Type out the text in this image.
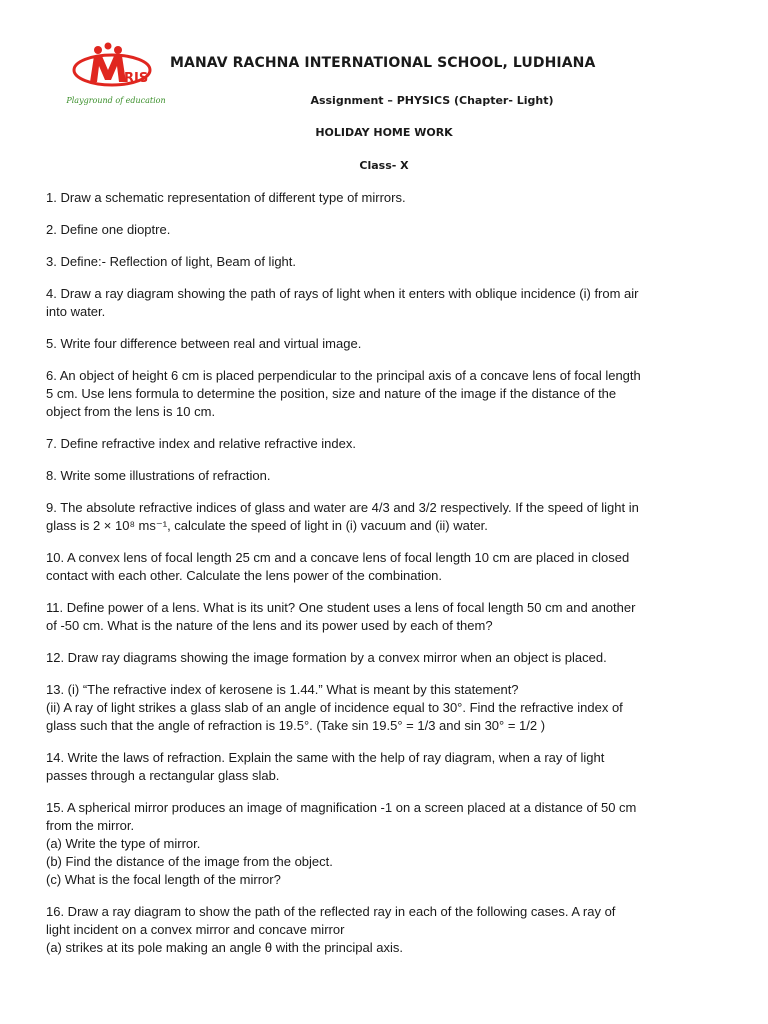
RIS
Playground of education
MANAV RACHNA INTERNATIONAL SCHOOL, LUDHIANA
Assignment – PHYSICS (Chapter- Light)
HOLIDAY HOME WORK
Class- X
1. Draw a schematic representation of different type of mirrors.
2. Define one dioptre.
3. Define:- Reflection of light, Beam of light.
4. Draw a ray diagram showing the path of rays of light when it enters with oblique incidence (i) from air
into water.
5. Write four difference between real and virtual image.
6. An object of height 6 cm is placed perpendicular to the principal axis of a concave lens of focal length
5 cm. Use lens formula to determine the position, size and nature of the image if the distance of the
object from the lens is 10 cm.
7. Define refractive index and relative refractive index.
8. Write some illustrations of refraction.
9. The absolute refractive indices of glass and water are 4/3 and 3/2 respectively. If the speed of light in
glass is 2 × 10⁸ ms⁻¹, calculate the speed of light in (i) vacuum and (ii) water.
10. A convex lens of focal length 25 cm and a concave lens of focal length 10 cm are placed in closed
contact with each other. Calculate the lens power of the combination.
11. Define power of a lens. What is its unit? One student uses a lens of focal length 50 cm and another
of -50 cm. What is the nature of the lens and its power used by each of them?
12. Draw ray diagrams showing the image formation by a convex mirror when an object is placed.
13. (i) “The refractive index of kerosene is 1.44.” What is meant by this statement?
(ii) A ray of light strikes a glass slab of an angle of incidence equal to 30°. Find the refractive index of
glass such that the angle of refraction is 19.5°. (Take sin 19.5° = 1/3 and sin 30° = 1/2 )
14. Write the laws of refraction. Explain the same with the help of ray diagram, when a ray of light
passes through a rectangular glass slab.
15. A spherical mirror produces an image of magnification -1 on a screen placed at a distance of 50 cm
from the mirror.
(a) Write the type of mirror.
(b) Find the distance of the image from the object.
(c) What is the focal length of the mirror?
16. Draw a ray diagram to show the path of the reflected ray in each of the following cases. A ray of
light incident on a convex mirror and concave mirror
(a) strikes at its pole making an angle θ with the principal axis.
